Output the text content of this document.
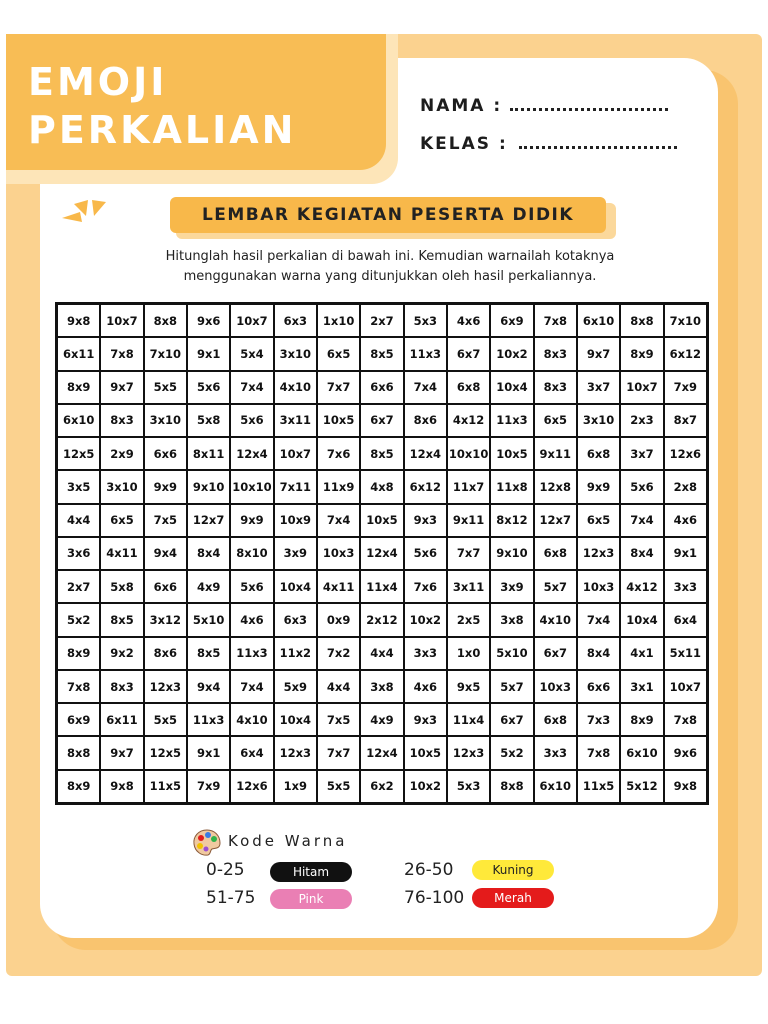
EMOJI
PERKALIAN
NAMA :
KELAS :
LEMBAR KEGIATAN PESERTA DIDIK
Hitunglah hasil perkalian di bawah ini. Kemudian warnailah kotaknya
menggunakan warna yang ditunjukkan oleh hasil perkaliannya.
9x8	10x7	8x8	9x6	10x7	6x3	1x10	2x7	5x3	4x6	6x9	7x8	6x10	8x8	7x10
6x11	7x8	7x10	9x1	5x4	3x10	6x5	8x5	11x3	6x7	10x2	8x3	9x7	8x9	6x12
8x9	9x7	5x5	5x6	7x4	4x10	7x7	6x6	7x4	6x8	10x4	8x3	3x7	10x7	7x9
6x10	8x3	3x10	5x8	5x6	3x11	10x5	6x7	8x6	4x12	11x3	6x5	3x10	2x3	8x7
12x5	2x9	6x6	8x11	12x4	10x7	7x6	8x5	12x4	10x10	10x5	9x11	6x8	3x7	12x6
3x5	3x10	9x9	9x10	10x10	7x11	11x9	4x8	6x12	11x7	11x8	12x8	9x9	5x6	2x8
4x4	6x5	7x5	12x7	9x9	10x9	7x4	10x5	9x3	9x11	8x12	12x7	6x5	7x4	4x6
3x6	4x11	9x4	8x4	8x10	3x9	10x3	12x4	5x6	7x7	9x10	6x8	12x3	8x4	9x1
2x7	5x8	6x6	4x9	5x6	10x4	4x11	11x4	7x6	3x11	3x9	5x7	10x3	4x12	3x3
5x2	8x5	3x12	5x10	4x6	6x3	0x9	2x12	10x2	2x5	3x8	4x10	7x4	10x4	6x4
8x9	9x2	8x6	8x5	11x3	11x2	7x2	4x4	3x3	1x0	5x10	6x7	8x4	4x1	5x11
7x8	8x3	12x3	9x4	7x4	5x9	4x4	3x8	4x6	9x5	5x7	10x3	6x6	3x1	10x7
6x9	6x11	5x5	11x3	4x10	10x4	7x5	4x9	9x3	11x4	6x7	6x8	7x3	8x9	7x8
8x8	9x7	12x5	9x1	6x4	12x3	7x7	12x4	10x5	12x3	5x2	3x3	7x8	6x10	9x6
8x9	9x8	11x5	7x9	12x6	1x9	5x5	6x2	10x2	5x3	8x8	6x10	11x5	5x12	9x8
Kode Warna
0-25	Hitam	26-50	Kuning
51-75	Pink	76-100	Merah
